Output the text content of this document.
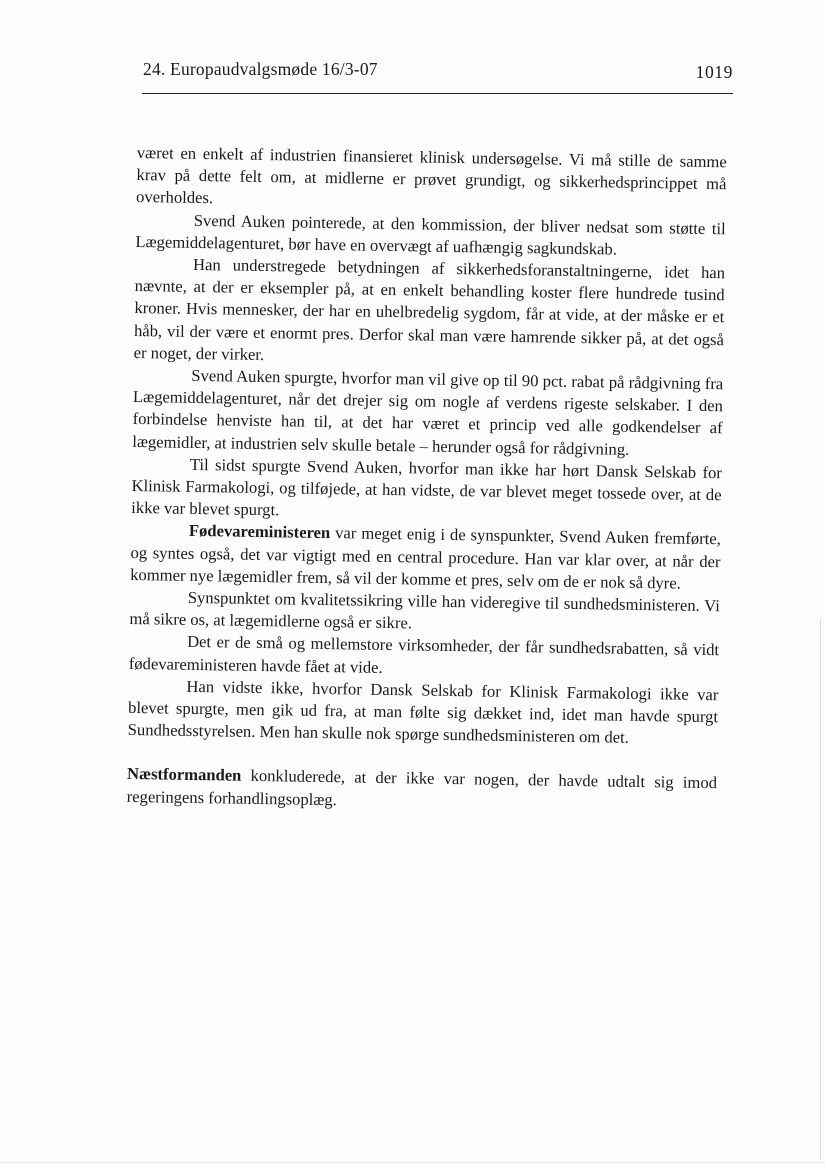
24. Europaudvalgsmøde 16/3-07	1019

været en enkelt af industrien finansieret klinisk undersøgelse. Vi må stille de samme krav på dette felt om, at midlerne er prøvet grundigt, og sikkerhedsprincippet må overholdes.

Svend Auken pointerede, at den kommission, der bliver nedsat som støtte til Lægemiddelagenturet, bør have en overvægt af uafhængig sagkundskab.

Han understregede betydningen af sikkerhedsforanstaltningerne, idet han nævnte, at der er eksempler på, at en enkelt behandling koster flere hundrede tusind kroner. Hvis mennesker, der har en uhelbredelig sygdom, får at vide, at der måske er et håb, vil der være et enormt pres. Derfor skal man være hamrende sikker på, at det også er noget, der virker.

Svend Auken spurgte, hvorfor man vil give op til 90 pct. rabat på rådgivning fra Lægemiddelagenturet, når det drejer sig om nogle af verdens rigeste selskaber. I den forbindelse henviste han til, at det har været et princip ved alle godkendelser af lægemidler, at industrien selv skulle betale – herunder også for rådgivning.

Til sidst spurgte Svend Auken, hvorfor man ikke har hørt Dansk Selskab for Klinisk Farmakologi, og tilføjede, at han vidste, de var blevet meget tossede over, at de ikke var blevet spurgt.

Fødevareministeren var meget enig i de synspunkter, Svend Auken fremførte, og syntes også, det var vigtigt med en central procedure. Han var klar over, at når der kommer nye lægemidler frem, så vil der komme et pres, selv om de er nok så dyre.

Synspunktet om kvalitetssikring ville han videregive til sundhedsministeren. Vi må sikre os, at lægemidlerne også er sikre.

Det er de små og mellemstore virksomheder, der får sundhedsrabatten, så vidt fødevareministeren havde fået at vide.

Han vidste ikke, hvorfor Dansk Selskab for Klinisk Farmakologi ikke var blevet spurgte, men gik ud fra, at man følte sig dækket ind, idet man havde spurgt Sundhedsstyrelsen. Men han skulle nok spørge sundhedsministeren om det.

Næstformanden konkluderede, at der ikke var nogen, der havde udtalt sig imod regeringens forhandlingsoplæg.
